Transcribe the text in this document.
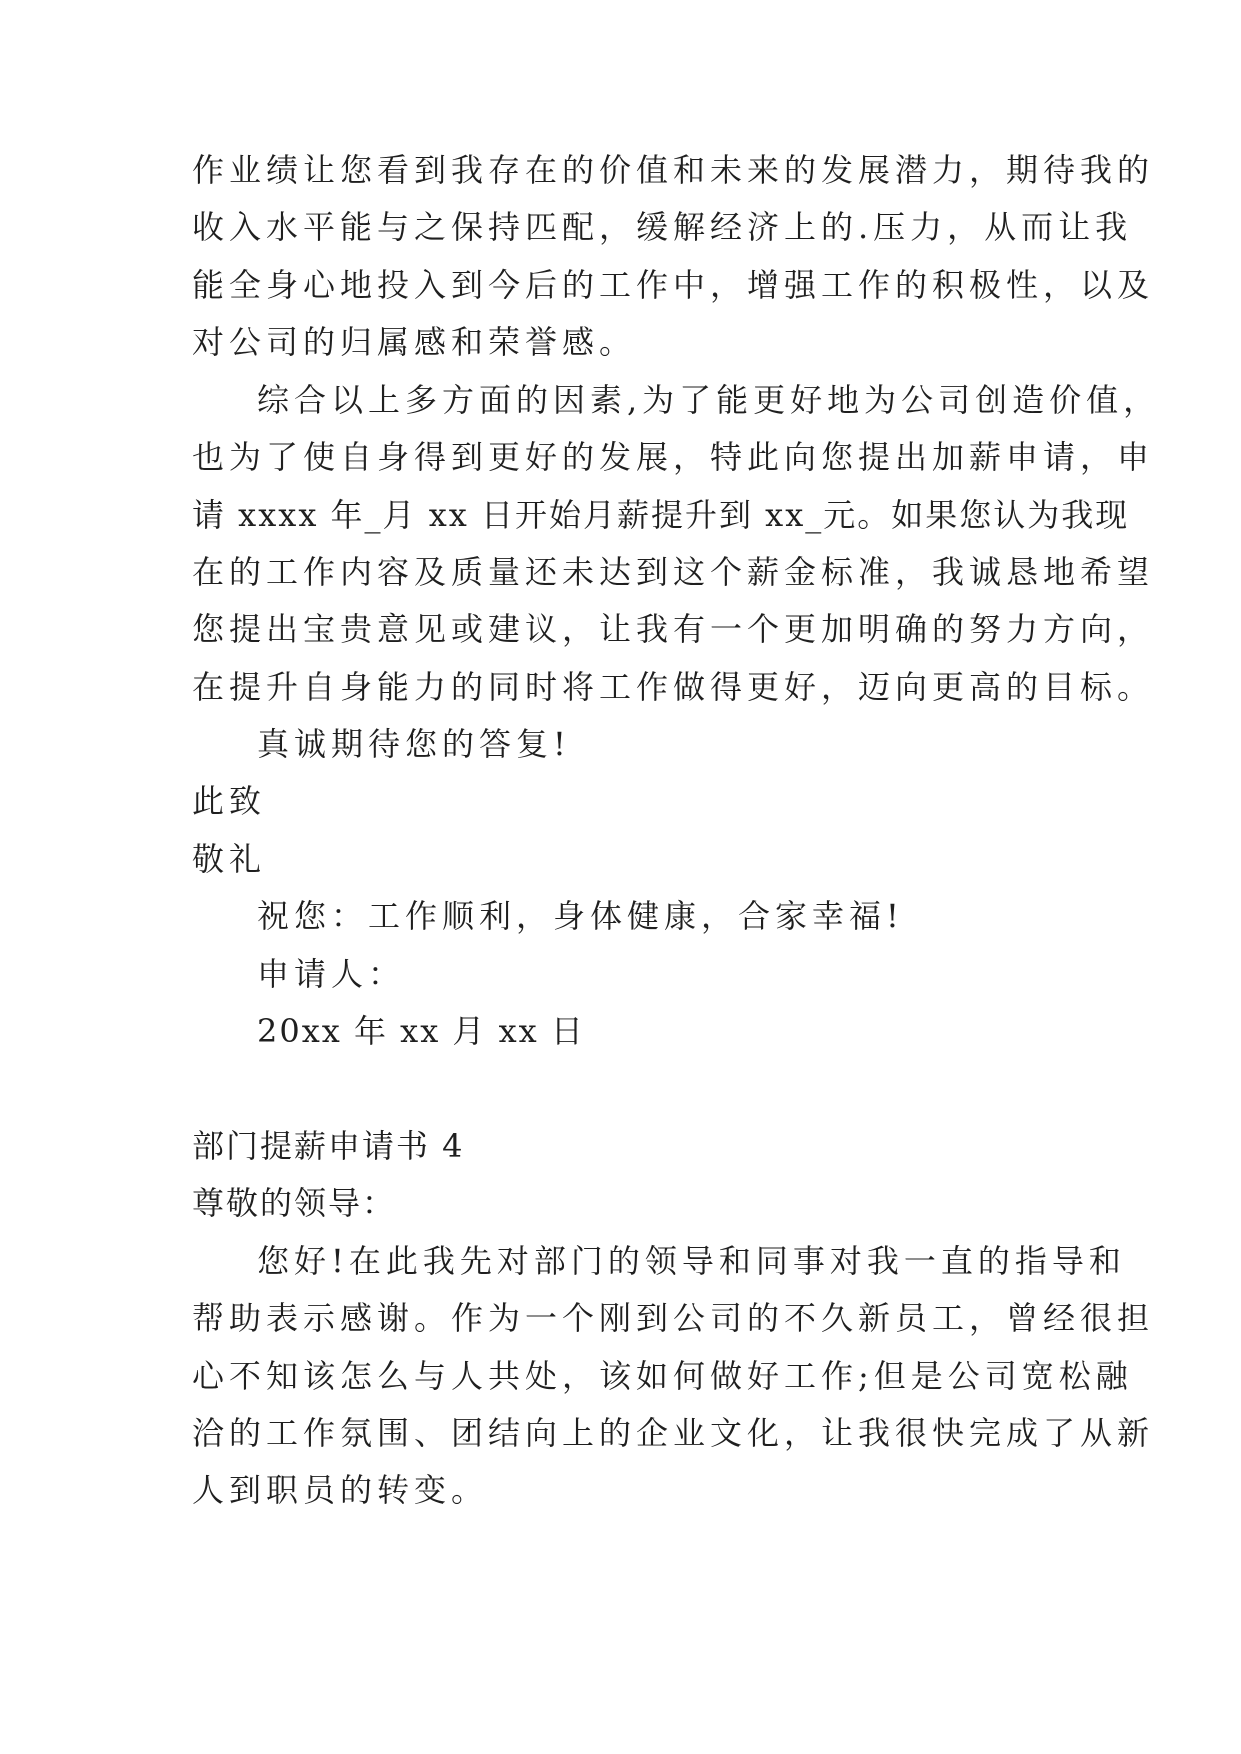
作业绩让您看到我存在的价值和未来的发展潜力，期待我的
收入水平能与之保持匹配，缓解经济上的.压力，从而让我
能全身心地投入到今后的工作中，增强工作的积极性，以及
对公司的归属感和荣誉感。
综合以上多方面的因素,为了能更好地为公司创造价值，
也为了使自身得到更好的发展，特此向您提出加薪申请，申
请 xxxx 年_月 xx 日开始月薪提升到 xx_元。如果您认为我现
在的工作内容及质量还未达到这个薪金标准，我诚恳地希望
您提出宝贵意见或建议，让我有一个更加明确的努力方向，
在提升自身能力的同时将工作做得更好，迈向更高的目标。
真诚期待您的答复!
此致
敬礼
祝您：工作顺利，身体健康，合家幸福!
申请人：
20xx 年 xx 月 xx 日
部门提薪申请书 4
尊敬的领导：
您好!在此我先对部门的领导和同事对我一直的指导和
帮助表示感谢。作为一个刚到公司的不久新员工，曾经很担
心不知该怎么与人共处，该如何做好工作;但是公司宽松融
洽的工作氛围、团结向上的企业文化，让我很快完成了从新
人到职员的转变。
